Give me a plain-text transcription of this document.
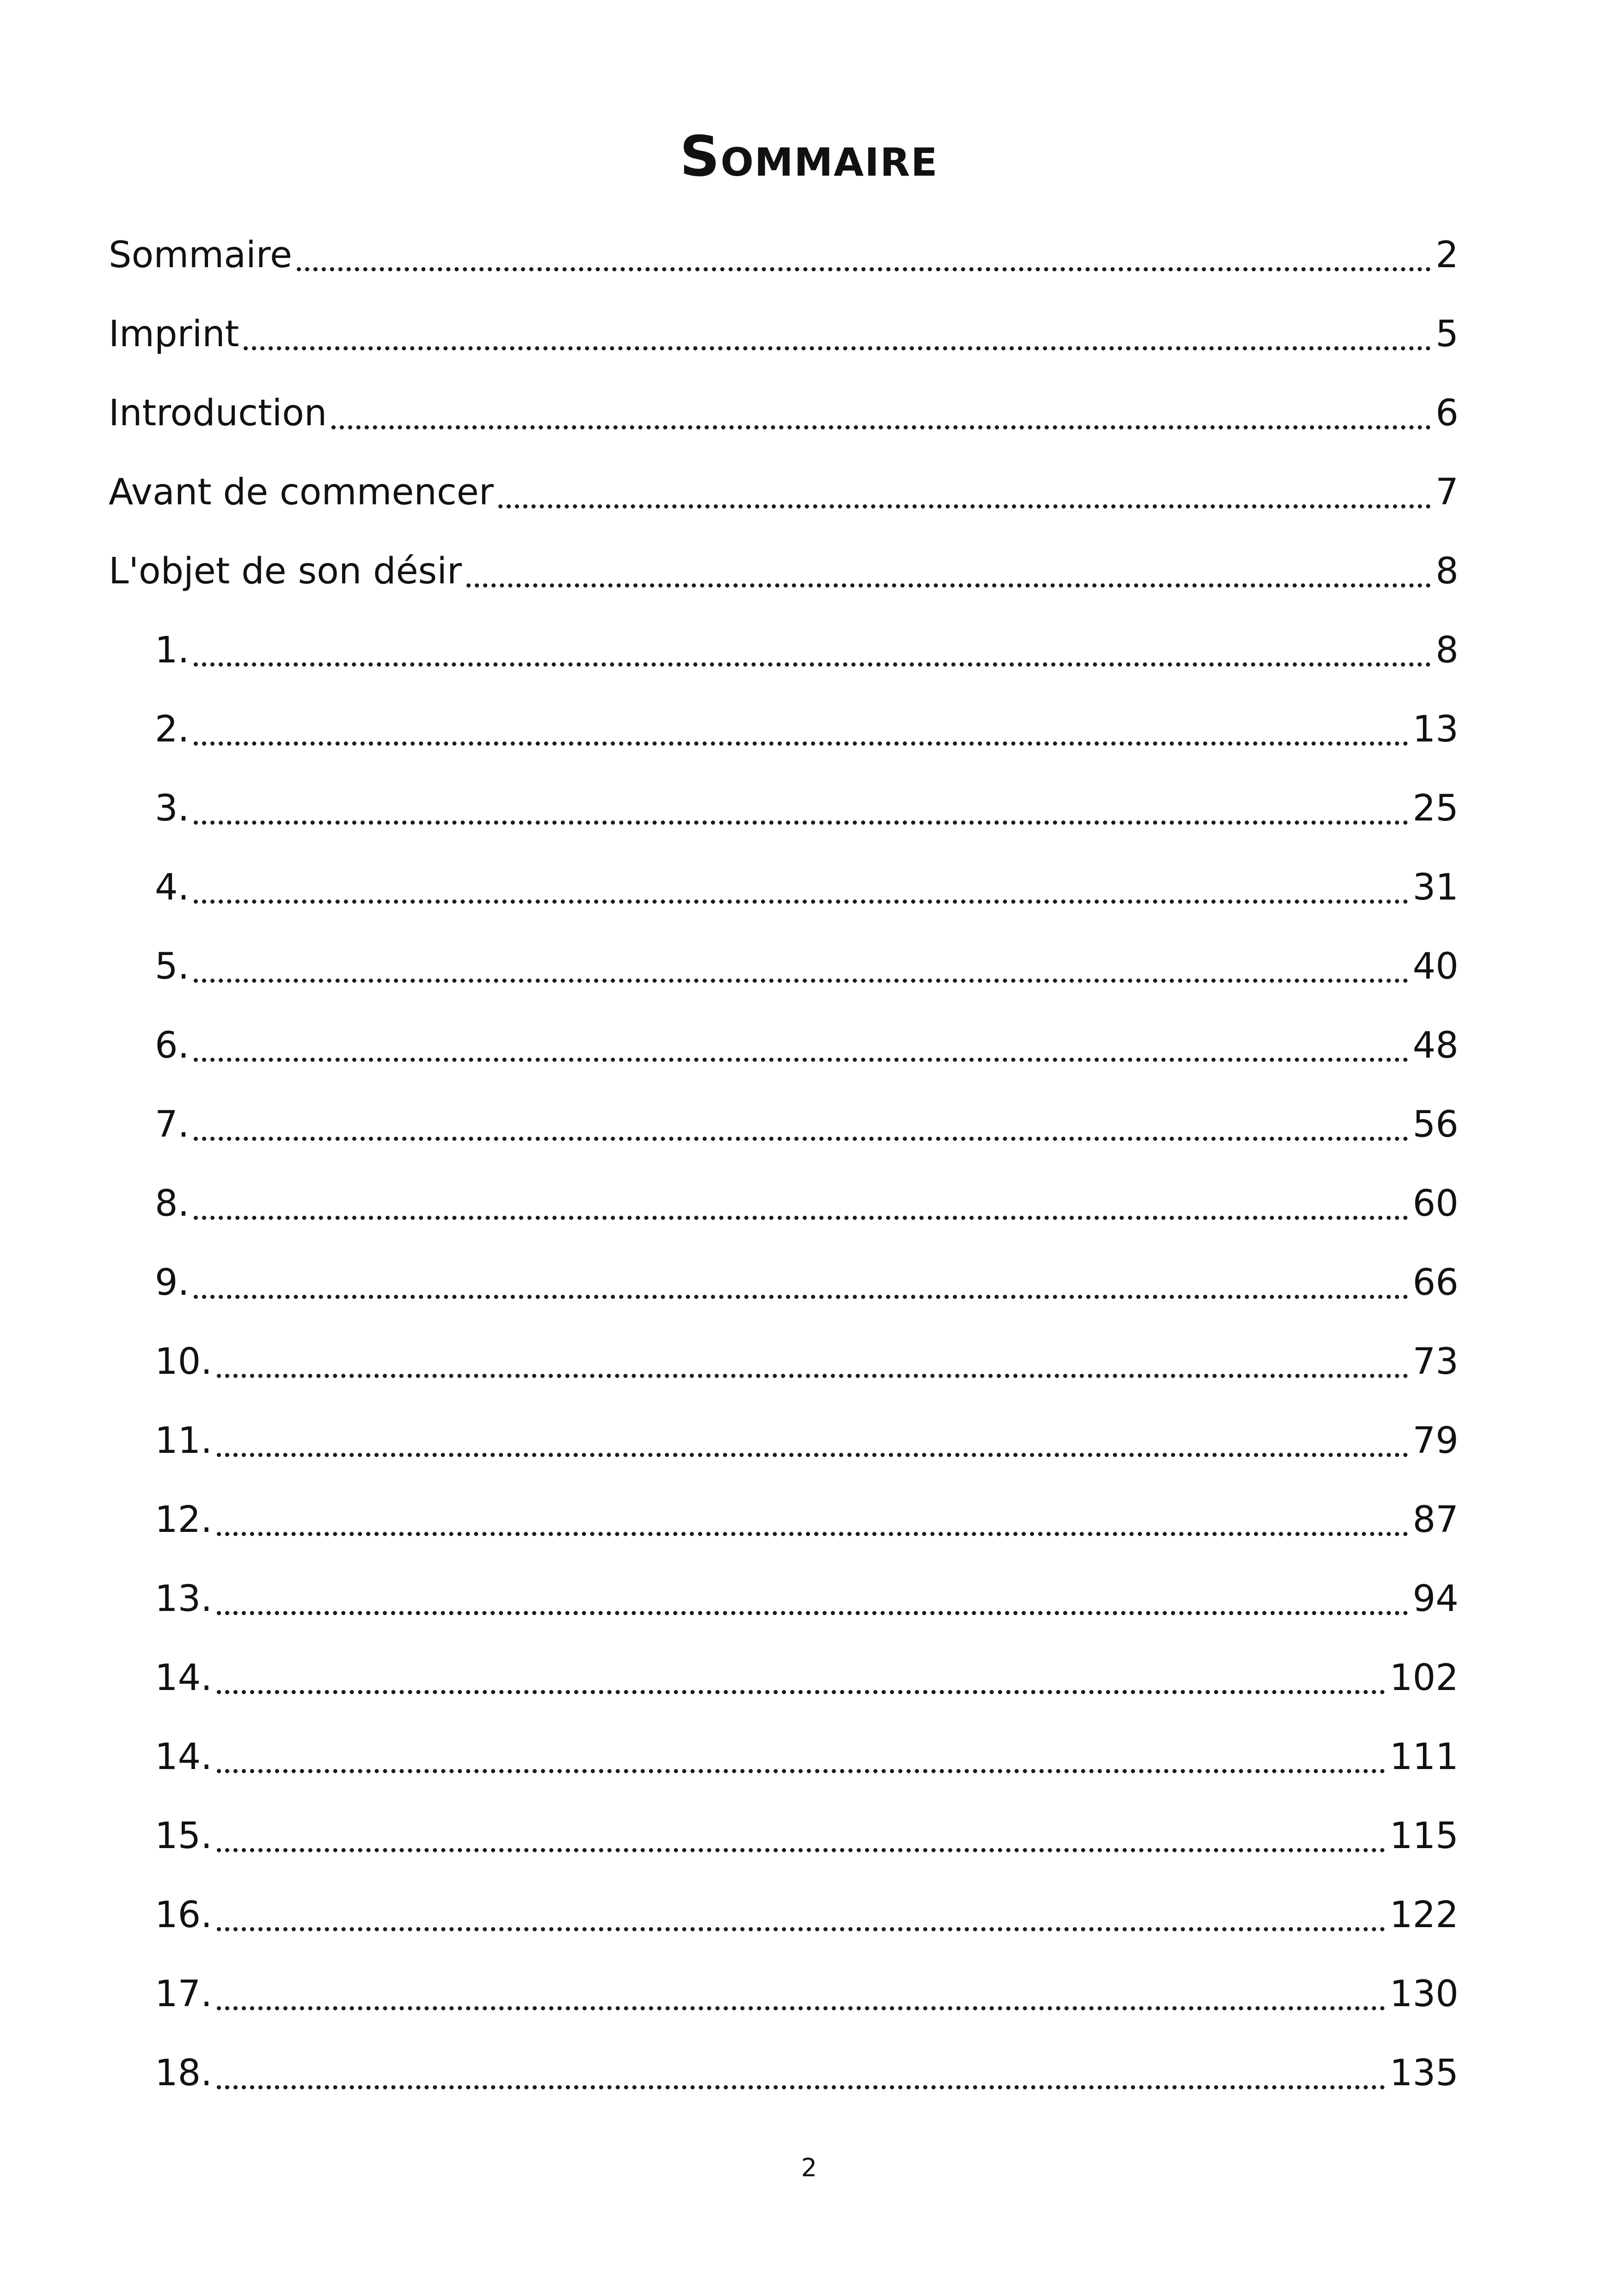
Sommaire
Sommaire	2
Imprint	5
Introduction	6
Avant de commencer	7
L'objet de son désir	8
1.	8
2.	13
3.	25
4.	31
5.	40
6.	48
7.	56
8.	60
9.	66
10.	73
11.	79
12.	87
13.	94
14.	102
14.	111
15.	115
16.	122
17.	130
18.	135
2
